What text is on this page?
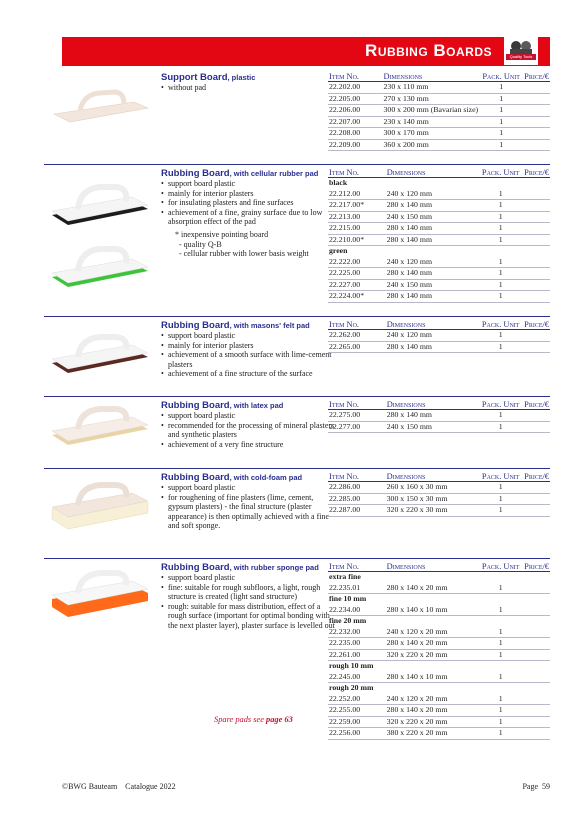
Rubbing Boards	Quality Tools
Support Board, plastic
• without pad
Item No.	Dimensions	Pack. Unit	Price/€
22.202.00	230 x 110 mm	1	
22.205.00	270 x 130 mm	1	
22.206.00	300 x 200 mm (Bavarian size)	1	
22.207.00	230 x 140 mm	1	
22.208.00	300 x 170 mm	1	
22.209.00	360 x 200 mm	1	
Rubbing Board, with cellular rubber pad
• support board plastic
• mainly for interior plasters
• for insulating plasters and fine surfaces
• achievement of a fine, grainy surface due to low absorption effect of the pad
* inexpensive pointing board
- quality Q-B
- cellular rubber with lower basis weight
Item No.	Dimensions	Pack. Unit	Price/€
black			
22.212.00	240 x 120 mm	1	
22.217.00*	280 x 140 mm	1	
22.213.00	240 x 150 mm	1	
22.215.00	280 x 140 mm	1	
22.210.00*	280 x 140 mm	1	
green			
22.222.00	240 x 120 mm	1	
22.225.00	280 x 140 mm	1	
22.227.00	240 x 150 mm	1	
22.224.00*	280 x 140 mm	1	
Rubbing Board, with masons' felt pad
• support board plastic
• mainly for interior plasters
• achievement of a smooth surface with lime-cement plasters
• achievement of a fine structure of the surface
Item No.	Dimensions	Pack. Unit	Price/€
22.262.00	240 x 120 mm	1	
22.265.00	280 x 140 mm	1	
Rubbing Board, with latex pad
• support board plastic
• recommended for the processing of mineral plasters and synthetic plasters
• achievement of a very fine structure
Item No.	Dimensions	Pack. Unit	Price/€
22.275.00	280 x 140 mm	1	
22.277.00	240 x 150 mm	1	
Rubbing Board, with cold-foam pad
• support board plastic
• for roughening of fine plasters (lime, cement, gypsum plasters) - the final structure (plaster appearance) is then optimally achieved with a fine and soft sponge.
Item No.	Dimensions	Pack. Unit	Price/€
22.286.00	260 x 160 x 30 mm	1	
22.285.00	300 x 150 x 30 mm	1	
22.287.00	320 x 220 x 30 mm	1	
Rubbing Board, with rubber sponge pad
• support board plastic
• fine: suitable for rough subfloors, a light, rough structure is created (light sand structure)
• rough: suitable for mass distribution, effect of a rough surface (important for optimal bonding with the next plaster layer), plaster surface is levelled out
Item No.	Dimensions	Pack. Unit	Price/€
extra fine			
22.235.01	280 x 140 x 20 mm	1	
fine 10 mm			
22.234.00	280 x 140 x 10 mm	1	
fine 20 mm			
22.232.00	240 x 120 x 20 mm	1	
22.235.00	280 x 140 x 20 mm	1	
22.261.00	320 x 220 x 20 mm	1	
rough 10 mm			
22.245.00	280 x 140 x 10 mm	1	
rough 20 mm			
22.252.00	240 x 120 x 20 mm	1	
22.255.00	280 x 140 x 20 mm	1	
22.259.00	320 x 220 x 20 mm	1	
22.256.00	380 x 220 x 20 mm	1	
Spare pads see page 63
©BWG Bauteam    Catalogue 2022	Page  59
